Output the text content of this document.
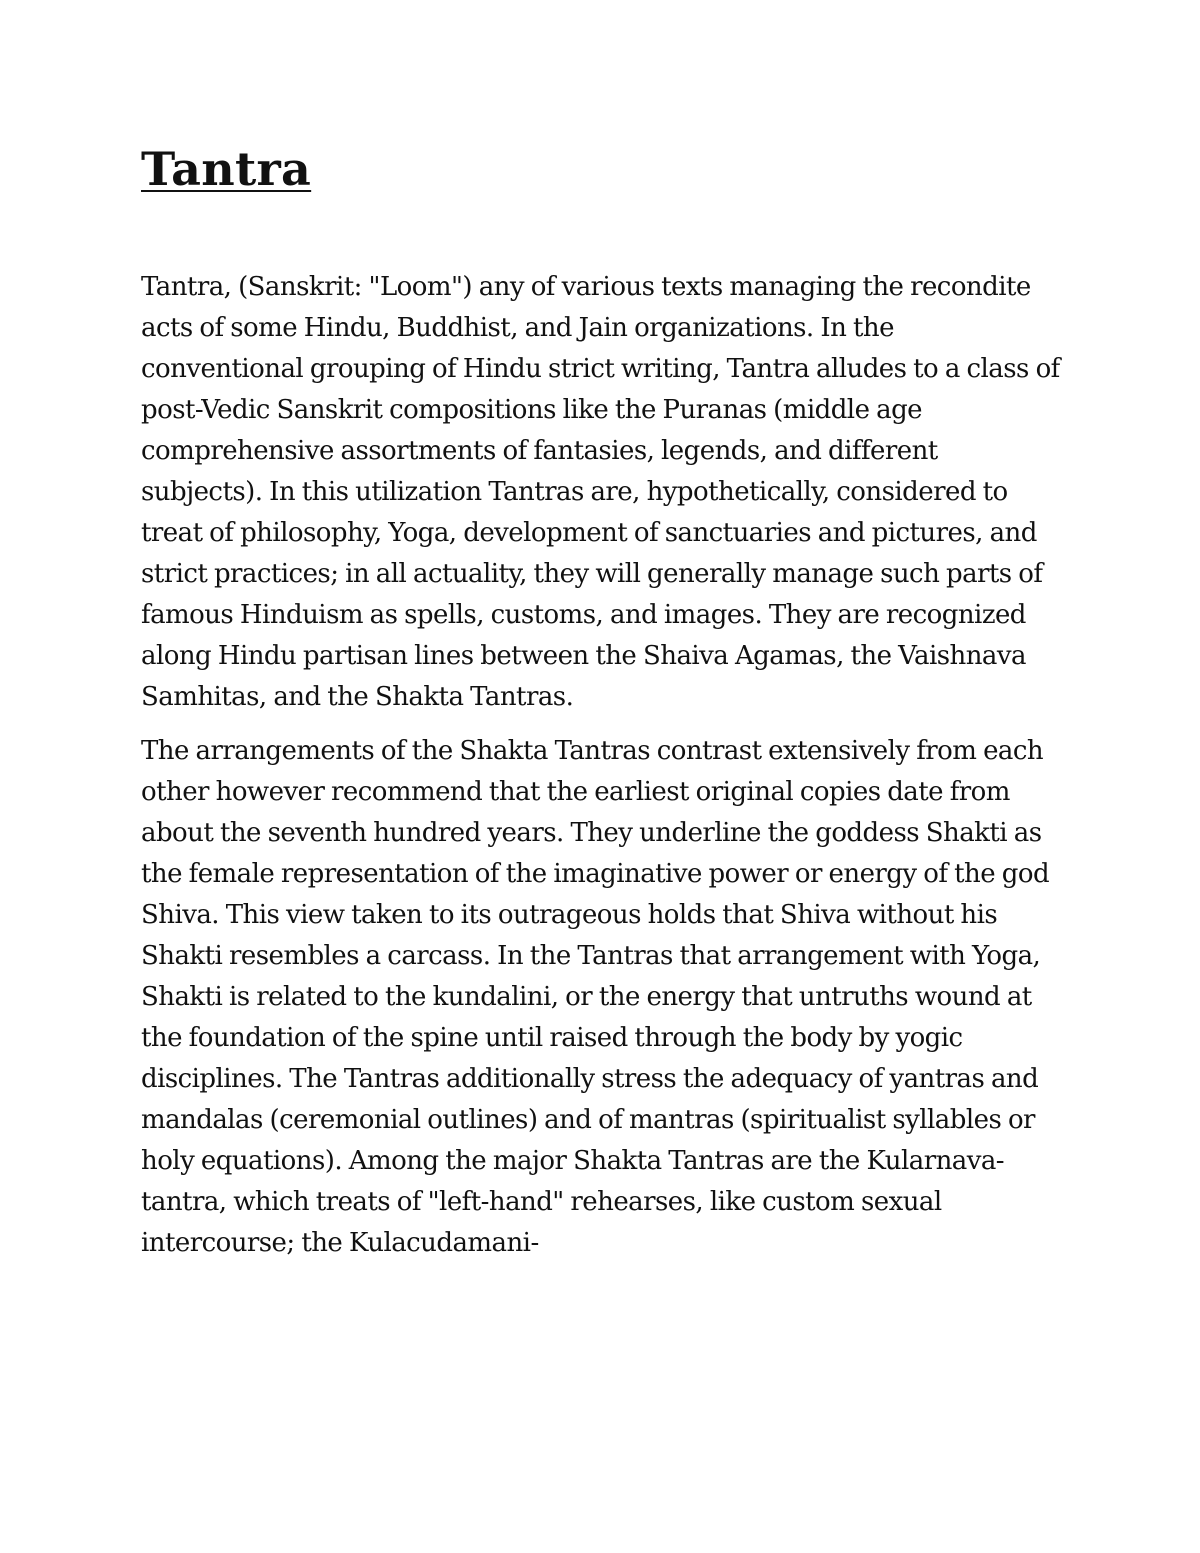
Tantra

Tantra, (Sanskrit: "Loom") any of various texts managing the recondite acts of some Hindu, Buddhist, and Jain organizations. In the conventional grouping of Hindu strict writing, Tantra alludes to a class of post-Vedic Sanskrit compositions like the Puranas (middle age comprehensive assortments of fantasies, legends, and different subjects). In this utilization Tantras are, hypothetically, considered to treat of philosophy, Yoga, development of sanctuaries and pictures, and strict practices; in all actuality, they will generally manage such parts of famous Hinduism as spells, customs, and images. They are recognized along Hindu partisan lines between the Shaiva Agamas, the Vaishnava Samhitas, and the Shakta Tantras.

The arrangements of the Shakta Tantras contrast extensively from each other however recommend that the earliest original copies date from about the seventh hundred years. They underline the goddess Shakti as the female representation of the imaginative power or energy of the god Shiva. This view taken to its outrageous holds that Shiva without his Shakti resembles a carcass. In the Tantras that arrangement with Yoga, Shakti is related to the kundalini, or the energy that untruths wound at the foundation of the spine until raised through the body by yogic disciplines. The Tantras additionally stress the adequacy of yantras and mandalas (ceremonial outlines) and of mantras (spiritualist syllables or holy equations). Among the major Shakta Tantras are the Kularnava-tantra, which treats of "left-hand" rehearses, like custom sexual intercourse; the Kulacudamani-
